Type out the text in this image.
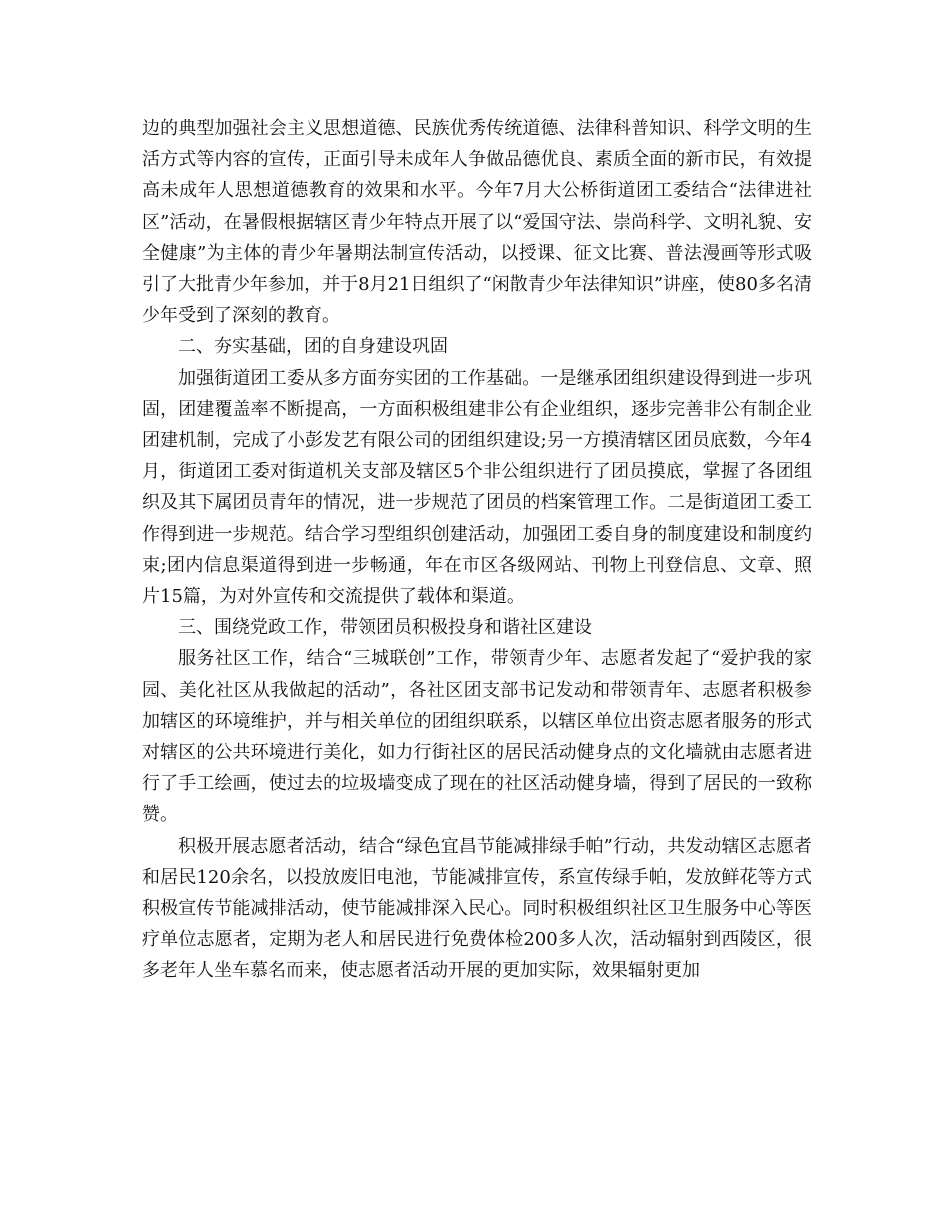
边的典型加强社会主义思想道德、民族优秀传统道德、法律科普知识、科学文明的生活方式等内容的宣传，正面引导未成年人争做品德优良、素质全面的新市民，有效提高未成年人思想道德教育的效果和水平。今年7月大公桥街道团工委结合“法律进社区”活动，在暑假根据辖区青少年特点开展了以“爱国守法、崇尚科学、文明礼貌、安全健康”为主体的青少年暑期法制宣传活动，以授课、征文比赛、普法漫画等形式吸引了大批青少年参加，并于8月21日组织了“闲散青少年法律知识”讲座，使80多名清少年受到了深刻的教育。

二、夯实基础，团的自身建设巩固

加强街道团工委从多方面夯实团的工作基础。一是继承团组织建设得到进一步巩固，团建覆盖率不断提高，一方面积极组建非公有企业组织，逐步完善非公有制企业团建机制，完成了小彭发艺有限公司的团组织建设;另一方摸清辖区团员底数，今年4月，街道团工委对街道机关支部及辖区5个非公组织进行了团员摸底，掌握了各团组织及其下属团员青年的情况，进一步规范了团员的档案管理工作。二是街道团工委工作得到进一步规范。结合学习型组织创建活动，加强团工委自身的制度建设和制度约束;团内信息渠道得到进一步畅通，年在市区各级网站、刊物上刊登信息、文章、照片15篇，为对外宣传和交流提供了载体和渠道。

三、围绕党政工作，带领团员积极投身和谐社区建设

服务社区工作，结合“三城联创”工作，带领青少年、志愿者发起了“爱护我的家园、美化社区从我做起的活动”，各社区团支部书记发动和带领青年、志愿者积极参加辖区的环境维护，并与相关单位的团组织联系，以辖区单位出资志愿者服务的形式对辖区的公共环境进行美化，如力行街社区的居民活动健身点的文化墙就由志愿者进行了手工绘画，使过去的垃圾墙变成了现在的社区活动健身墙，得到了居民的一致称赞。

积极开展志愿者活动，结合“绿色宜昌节能减排绿手帕”行动，共发动辖区志愿者和居民120余名，以投放废旧电池，节能减排宣传，系宣传绿手帕，发放鲜花等方式积极宣传节能减排活动，使节能减排深入民心。同时积极组织社区卫生服务中心等医疗单位志愿者，定期为老人和居民进行免费体检200多人次，活动辐射到西陵区，很多老年人坐车慕名而来，使志愿者活动开展的更加实际，效果辐射更加
